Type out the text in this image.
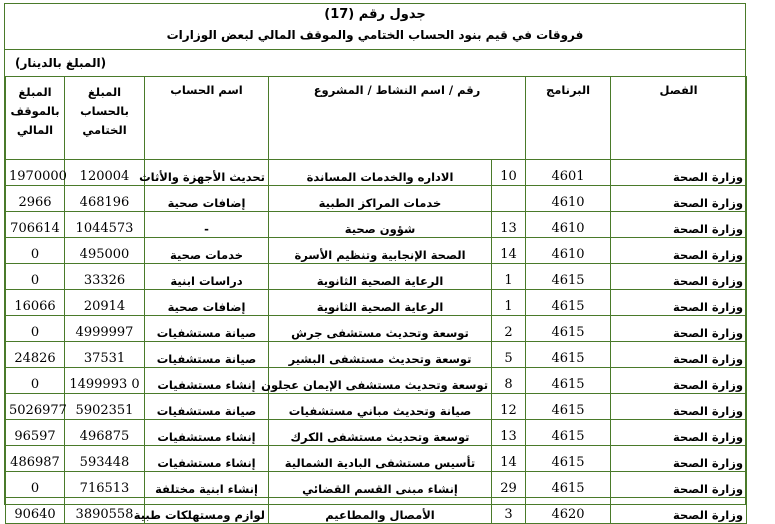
جدول رقم (17)
فروقات في قيم بنود الحساب الختامي والموقف المالي لبعض الوزارات
(المبلغ بالدينار)
الفصل	البرنامج	رقم / اسم النشاط / المشروع		اسم الحساب	المبلغ بالحساب الختامي	المبلغ بالموقف المالي
وزارة الصحة	4601	10	الاداره والخدمات المساندة	تحديث الأجهزة والأثاث	120004	1970000
وزارة الصحة	4610		خدمات المراكز الطبية	إضافات صحية	468196	2966
وزارة الصحة	4610	13	شؤون صحية	-	1044573	706614
وزارة الصحة	4610	14	الصحة الإنجابية وتنظيم الأسرة	خدمات صحية	495000	0
وزارة الصحة	4615	1	الرعاية الصحية الثانوية	دراسات ابنية	33326	0
وزارة الصحة	4615	1	الرعاية الصحية الثانوية	إضافات صحية	20914	16066
وزارة الصحة	4615	2	توسعة وتحديث مستشفى جرش	صيانة مستشفيات	4999997	0
وزارة الصحة	4615	5	توسعة وتحديث مستشفى البشير	صيانة مستشفيات	37531	24826
وزارة الصحة	4615	8	توسعة وتحديث مستشفى الإيمان عجلون	إنشاء مستشفيات	1499993 0	0
وزارة الصحة	4615	12	صيانة وتحديث مباني مستشفيات	صيانة مستشفيات	5902351	5026977
وزارة الصحة	4615	13	توسعة وتحديث مستشفى الكرك	إنشاء مستشفيات	496875	96597
وزارة الصحة	4615	14	تأسيس مستشفى البادية الشمالية	إنشاء مستشفيات	593448	486987
وزارة الصحة	4615	29	إنشاء مبنى القسم القضائي	إنشاء ابنية مختلفة	716513	0
وزارة الصحة	4620	3	الأمصال والمطاعيم	لوازم ومستهلكات طبية	3890558	90640
